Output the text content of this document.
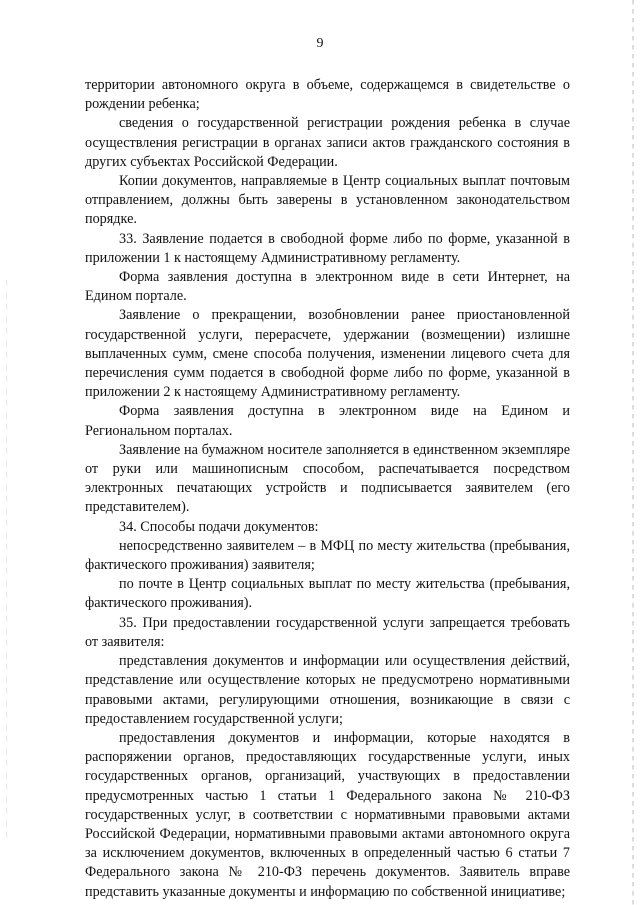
9

территории автономного округа в объеме, содержащемся в свидетельстве о рождении ребенка;

сведения о государственной регистрации рождения ребенка в случае осуществления регистрации в органах записи актов гражданского состояния в других субъектах Российской Федерации.

Копии документов, направляемые в Центр социальных выплат почтовым отправлением, должны быть заверены в установленном законодательством порядке.

33. Заявление подается в свободной форме либо по форме, указанной в приложении 1 к настоящему Административному регламенту.

Форма заявления доступна в электронном виде в сети Интернет, на Едином портале.

Заявление о прекращении, возобновлении ранее приостановленной государственной услуги, перерасчете, удержании (возмещении) излишне выплаченных сумм, смене способа получения, изменении лицевого счета для перечисления сумм подается в свободной форме либо по форме, указанной в приложении 2 к настоящему Административному регламенту.

Форма заявления доступна в электронном виде на Едином и Региональном порталах.

Заявление на бумажном носителе заполняется в единственном экземпляре от руки или машинописным способом, распечатывается посредством электронных печатающих устройств и подписывается заявителем (его представителем).

34. Способы подачи документов:

непосредственно заявителем – в МФЦ по месту жительства (пребывания, фактического проживания) заявителя;

по почте в Центр социальных выплат по месту жительства (пребывания, фактического проживания).

35. При предоставлении государственной услуги запрещается требовать от заявителя:

представления документов и информации или осуществления действий, представление или осуществление которых не предусмотрено нормативными правовыми актами, регулирующими отношения, возникающие в связи с предоставлением государственной услуги;

предоставления документов и информации, которые находятся в распоряжении органов, предоставляющих государственные услуги, иных государственных органов, организаций, участвующих в предоставлении предусмотренных частью 1 статьи 1 Федерального закона № 210-ФЗ государственных услуг, в соответствии с нормативными правовыми актами Российской Федерации, нормативными правовыми актами автономного округа за исключением документов, включенных в определенный частью 6 статьи 7 Федерального закона № 210-ФЗ перечень документов. Заявитель вправе представить указанные документы и информацию по собственной инициативе;
